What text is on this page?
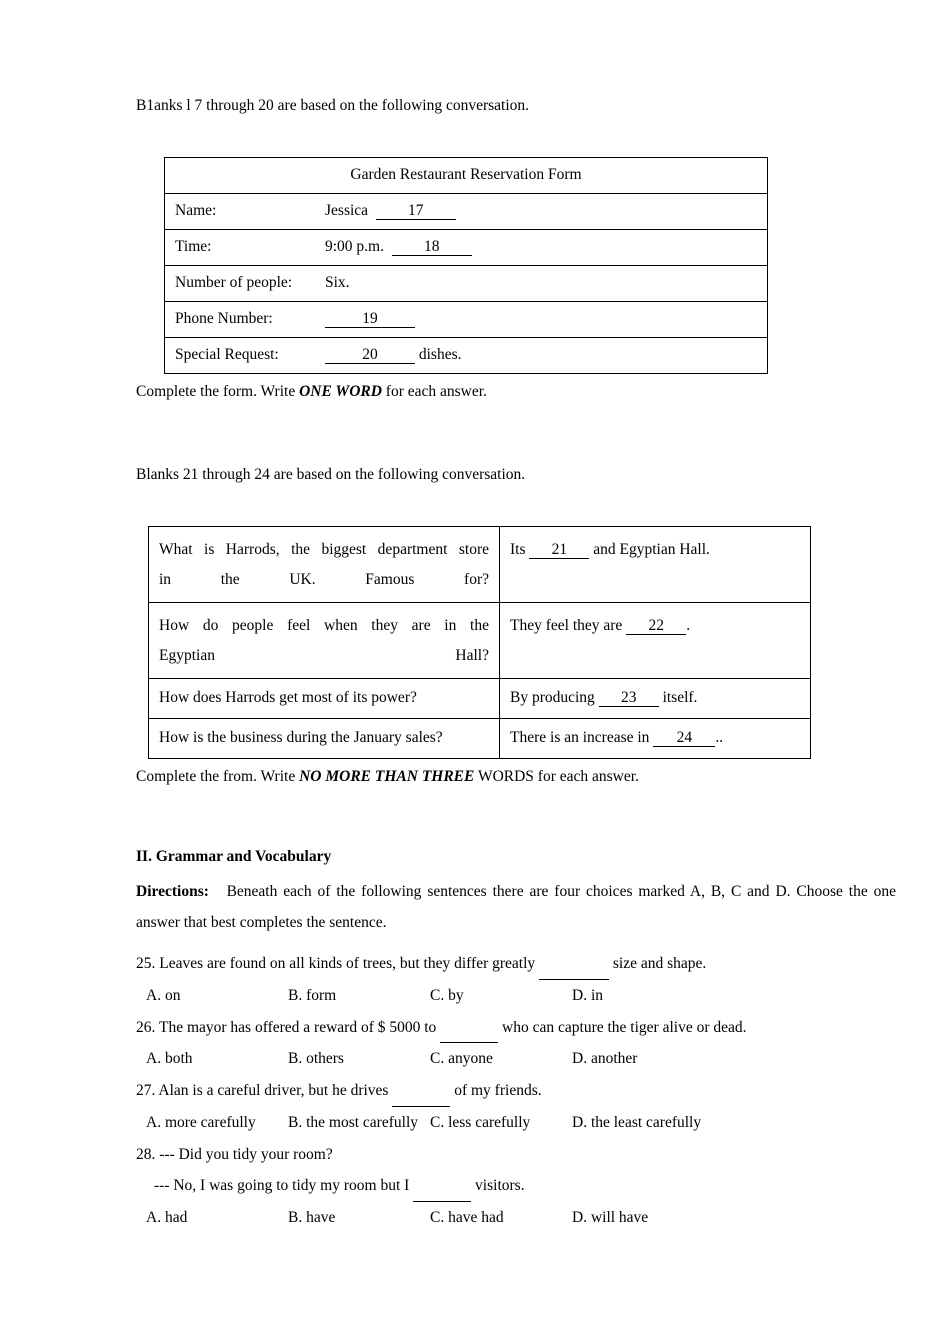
B1anks l 7 through 20 are based on the following conversation.

Garden Restaurant Reservation Form
Name:	Jessica	17
Time:	9:00 p.m.	18
Number of people: Six.
Phone Number:	19
Special Request:	20	dishes.

Complete the form. Write ONE WORD for each answer.

Blanks 21 through 24 are based on the following conversation.

What is Harrods, the biggest department store
in the UK. Famous for?	Its 21 and Egyptian Hall.
How do people feel when they are in the
Egyptian Hall?	They feel they are 22 .
How does Harrods get most of its power?	By producing 23 itself.
How is the business during the January sales?	There is an increase in 24 ..

Complete the from. Write NO MORE THAN THREE WORDS for each answer.

II. Grammar and Vocabulary

Directions: Beneath each of the following sentences there are four choices marked A, B, C and D. Choose the one answer that best completes the sentence.

25. Leaves are found on all kinds of trees, but they differ greatly	size and shape.

A. on	B. form	C. by	D. in

26. The mayor has offered a reward of $ 5000 to	who can capture the tiger alive or dead.

A. both	B. others	C. anyone	D. another

27. Alan is a careful driver, but he drives	of my friends.

A. more carefully	B. the most carefully C. less carefully	D. the least carefully

28. --- Did you tidy your room?

--- No, I was going to tidy my room but I	visitors.

A. had	B. have	C. have had	D. will have
